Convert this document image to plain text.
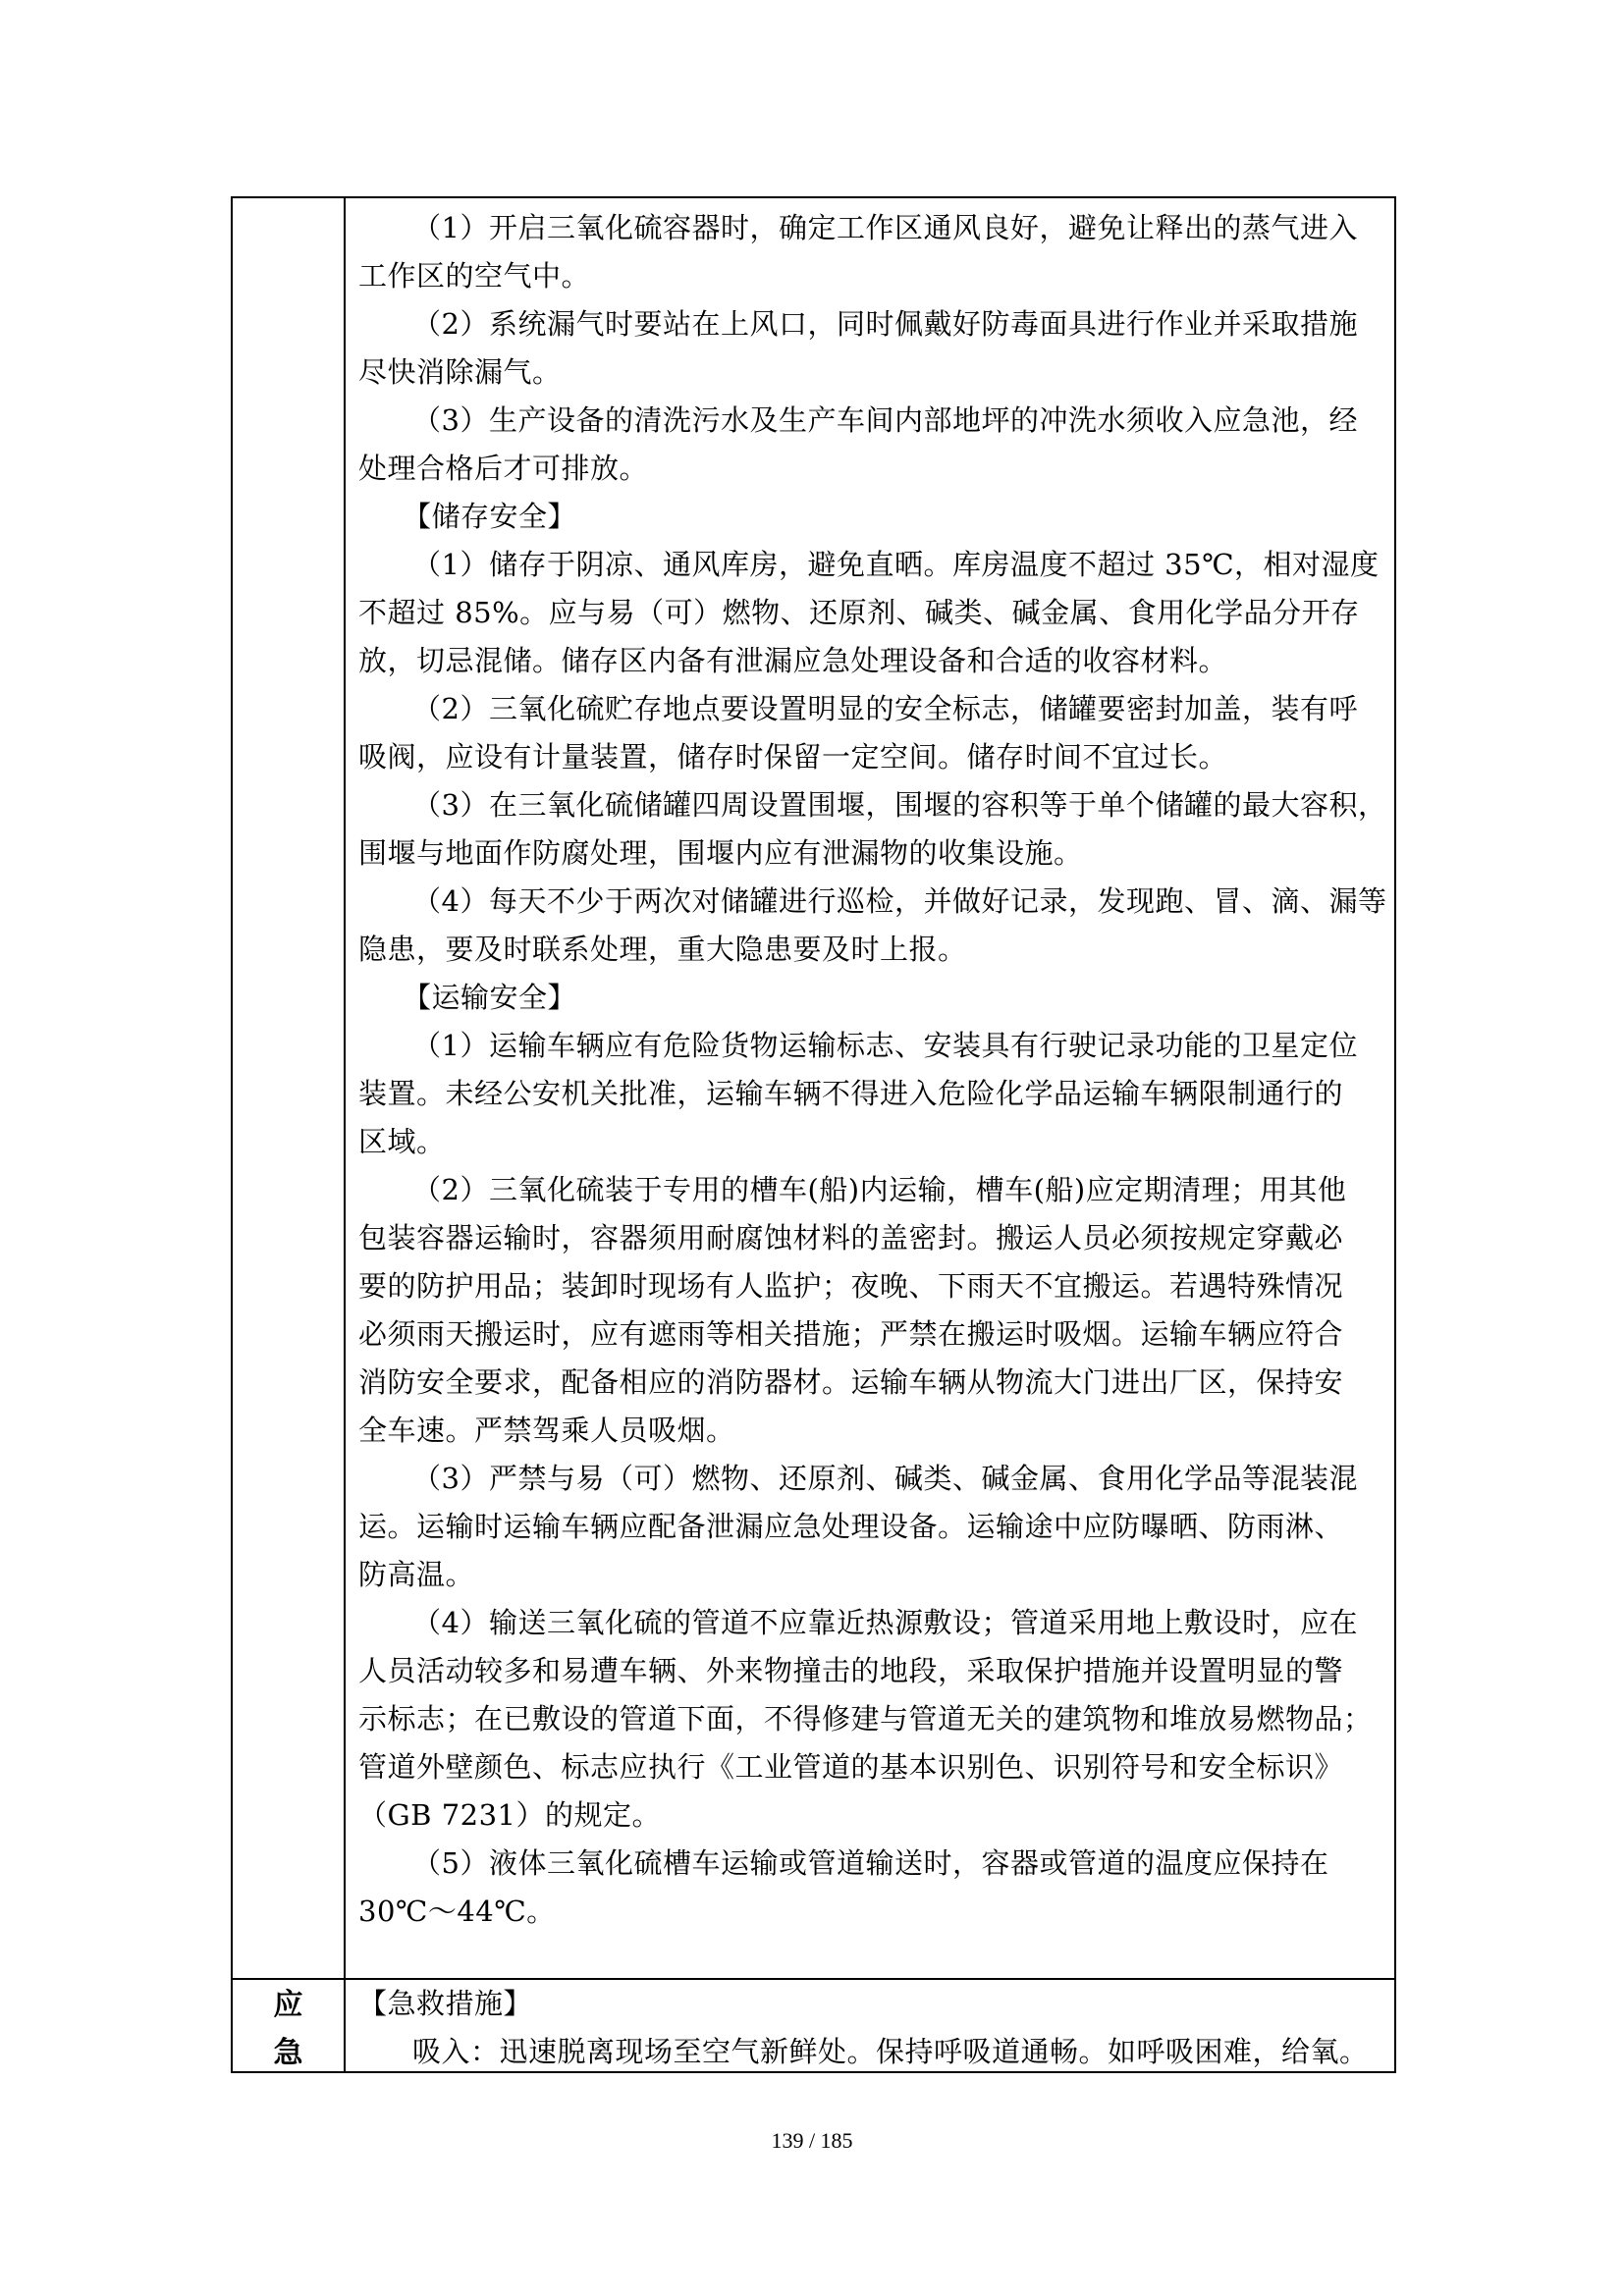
（1）开启三氧化硫容器时，确定工作区通风良好，避免让释出的蒸气进入
工作区的空气中。
（2）系统漏气时要站在上风口，同时佩戴好防毒面具进行作业并采取措施
尽快消除漏气。
（3）生产设备的清洗污水及生产车间内部地坪的冲洗水须收入应急池，经
处理合格后才可排放。
【储存安全】
（1）储存于阴凉、通风库房，避免直晒。库房温度不超过 35℃，相对湿度
不超过 85%。应与易（可）燃物、还原剂、碱类、碱金属、食用化学品分开存
放，切忌混储。储存区内备有泄漏应急处理设备和合适的收容材料。
（2）三氧化硫贮存地点要设置明显的安全标志，储罐要密封加盖，装有呼
吸阀，应设有计量装置，储存时保留一定空间。储存时间不宜过长。
（3）在三氧化硫储罐四周设置围堰，围堰的容积等于单个储罐的最大容积，
围堰与地面作防腐处理，围堰内应有泄漏物的收集设施。
（4）每天不少于两次对储罐进行巡检，并做好记录，发现跑、冒、滴、漏等
隐患，要及时联系处理，重大隐患要及时上报。
【运输安全】
（1）运输车辆应有危险货物运输标志、安装具有行驶记录功能的卫星定位
装置。未经公安机关批准，运输车辆不得进入危险化学品运输车辆限制通行的
区域。
（2）三氧化硫装于专用的槽车(船)内运输，槽车(船)应定期清理；用其他
包装容器运输时，容器须用耐腐蚀材料的盖密封。搬运人员必须按规定穿戴必
要的防护用品；装卸时现场有人监护；夜晚、下雨天不宜搬运。若遇特殊情况
必须雨天搬运时，应有遮雨等相关措施；严禁在搬运时吸烟。运输车辆应符合
消防安全要求，配备相应的消防器材。运输车辆从物流大门进出厂区，保持安
全车速。严禁驾乘人员吸烟。
（3）严禁与易（可）燃物、还原剂、碱类、碱金属、食用化学品等混装混
运。运输时运输车辆应配备泄漏应急处理设备。运输途中应防曝晒、防雨淋、
防高温。
（4）输送三氧化硫的管道不应靠近热源敷设；管道采用地上敷设时，应在
人员活动较多和易遭车辆、外来物撞击的地段，采取保护措施并设置明显的警
示标志；在已敷设的管道下面，不得修建与管道无关的建筑物和堆放易燃物品；
管道外壁颜色、标志应执行《工业管道的基本识别色、识别符号和安全标识》
（GB 7231）的规定。
（5）液体三氧化硫槽车运输或管道输送时，容器或管道的温度应保持在
30℃～44℃。
【急救措施】
吸入：迅速脱离现场至空气新鲜处。保持呼吸道通畅。如呼吸困难，给氧。
应
急
139 / 185
